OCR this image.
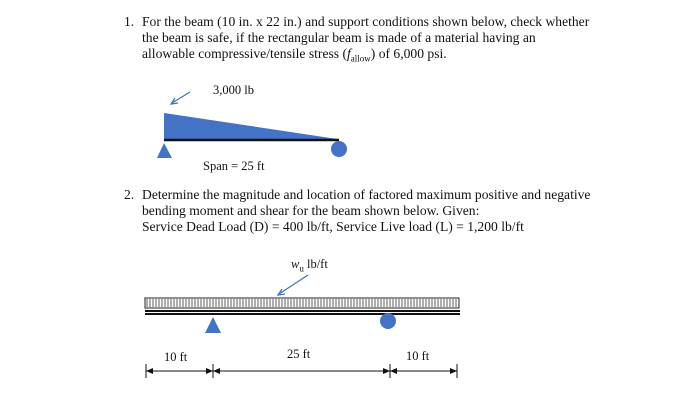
1. For the beam (10 in. x 22 in.) and support conditions shown below, check whether
the beam is safe, if the rectangular beam is made of a material having an
allowable compressive/tensile stress $(f_{allow})$ of 6,000 psi.
3,000 lb
Span = 25 ft
2. Determine the magnitude and location of factored maximum positive and negative
bending moment and shear for the beam shown below. Given:
Service Dead Load (D) = 400 lb/ft, Service Live load (L) = 1,200 lb/ft
$w_u$ lb/ft
10 ft	25 ft	10 ft
